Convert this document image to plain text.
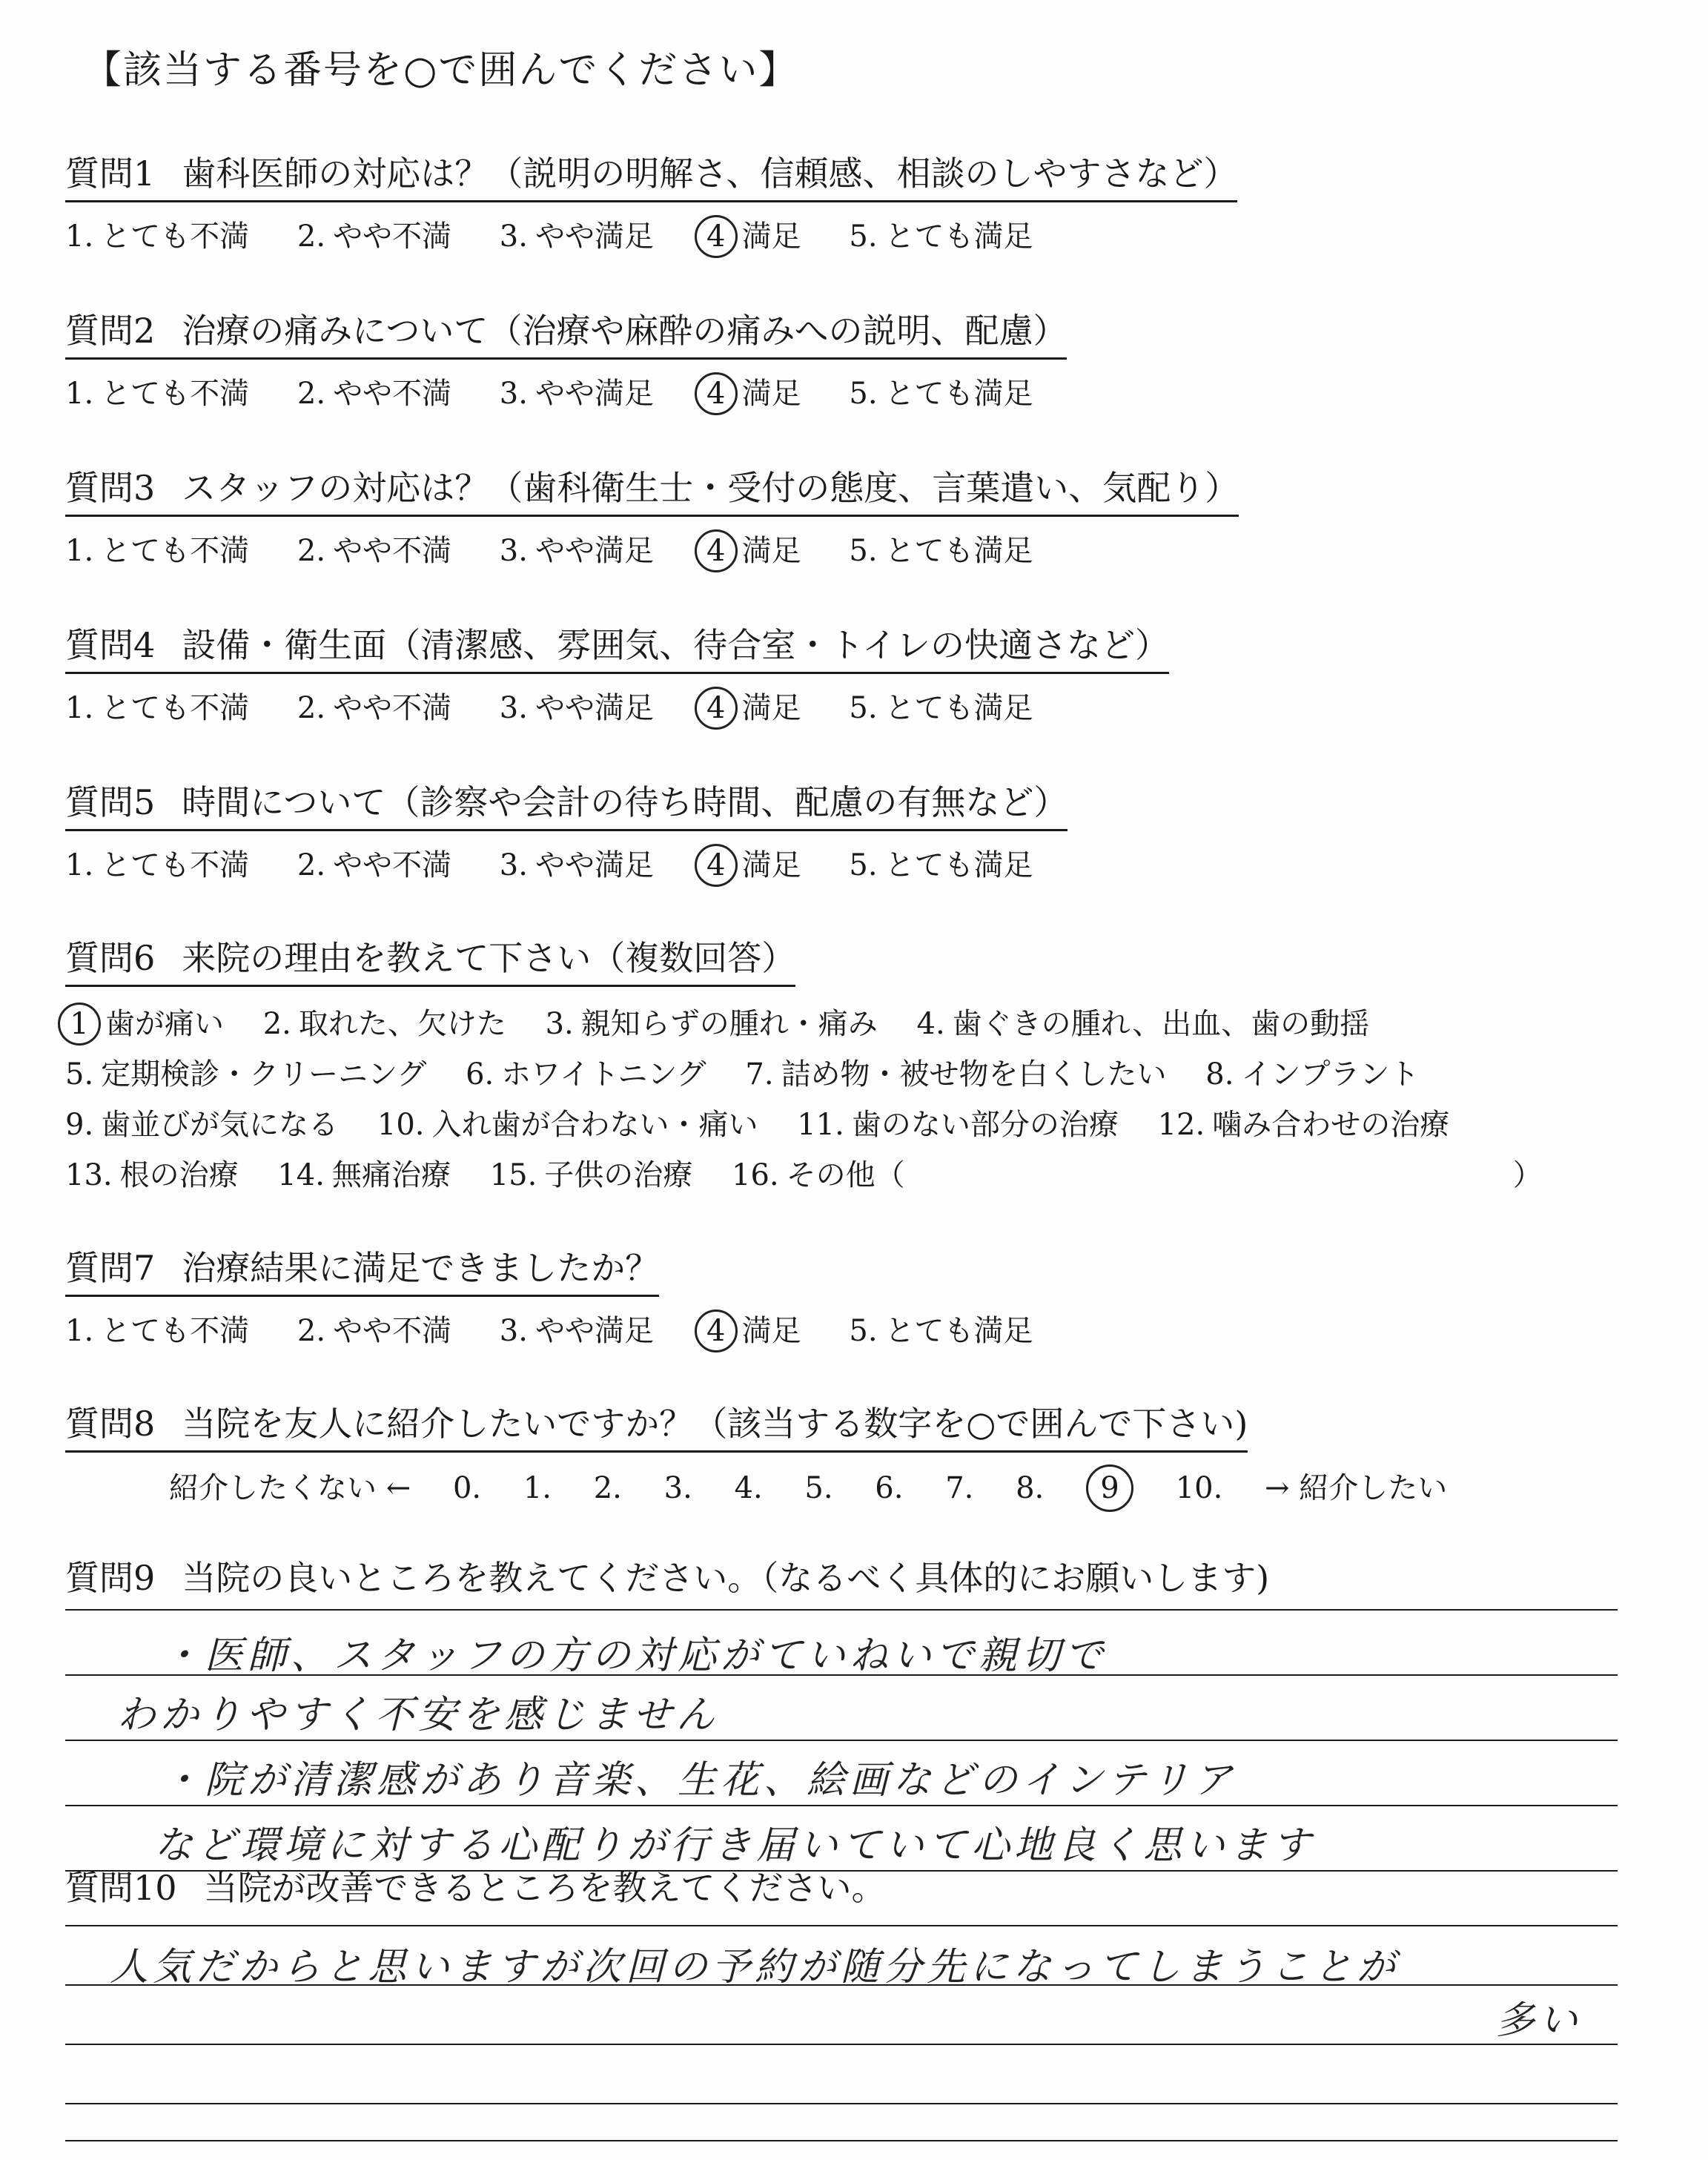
【該当する番号を○で囲んでください】
質問1 歯科医師の対応は？（説明の明解さ、信頼感、相談のしやすさなど）
1. とても不満 2. やや不満 3. やや満足 4 満足 5. とても満足
質問2 治療の痛みについて（治療や麻酔の痛みへの説明、配慮）
1. とても不満 2. やや不満 3. やや満足 4 満足 5. とても満足
質問3 スタッフの対応は？（歯科衛生士・受付の態度、言葉遣い、気配り）
1. とても不満 2. やや不満 3. やや満足 4 満足 5. とても満足
質問4 設備・衛生面（清潔感、雰囲気、待合室・トイレの快適さなど）
1. とても不満 2. やや不満 3. やや満足 4 満足 5. とても満足
質問5 時間について（診察や会計の待ち時間、配慮の有無など）
1. とても不満 2. やや不満 3. やや満足 4 満足 5. とても満足
質問6 来院の理由を教えて下さい（複数回答）
1 歯が痛い 2. 取れた、欠けた 3. 親知らずの腫れ・痛み 4. 歯ぐきの腫れ、出血、歯の動揺
5. 定期検診・クリーニング 6. ホワイトニング 7. 詰め物・被せ物を白くしたい 8. インプラント
9. 歯並びが気になる 10. 入れ歯が合わない・痛い 11. 歯のない部分の治療 12. 噛み合わせの治療
13. 根の治療 14. 無痛治療 15. 子供の治療 16. その他（	）
質問7 治療結果に満足できましたか？
1. とても不満 2. やや不満 3. やや満足 4 満足 5. とても満足
質問8 当院を友人に紹介したいですか？（該当する数字を○で囲んで下さい)
紹介したくない ← 0. 1. 2. 3. 4. 5. 6. 7. 8. 9 10. → 紹介したい
質問9 当院の良いところを教えてください。（なるべく具体的にお願いします)
・医師、スタッフの方の対応がていねいで親切で
わかりやすく不安を感じません
・院が清潔感があり音楽、生花、絵画などのインテリア
など環境に対する心配りが行き届いていて心地良く思います
質問10 当院が改善できるところを教えてください。
人気だからと思いますが次回の予約が随分先になってしまうことが
多い
